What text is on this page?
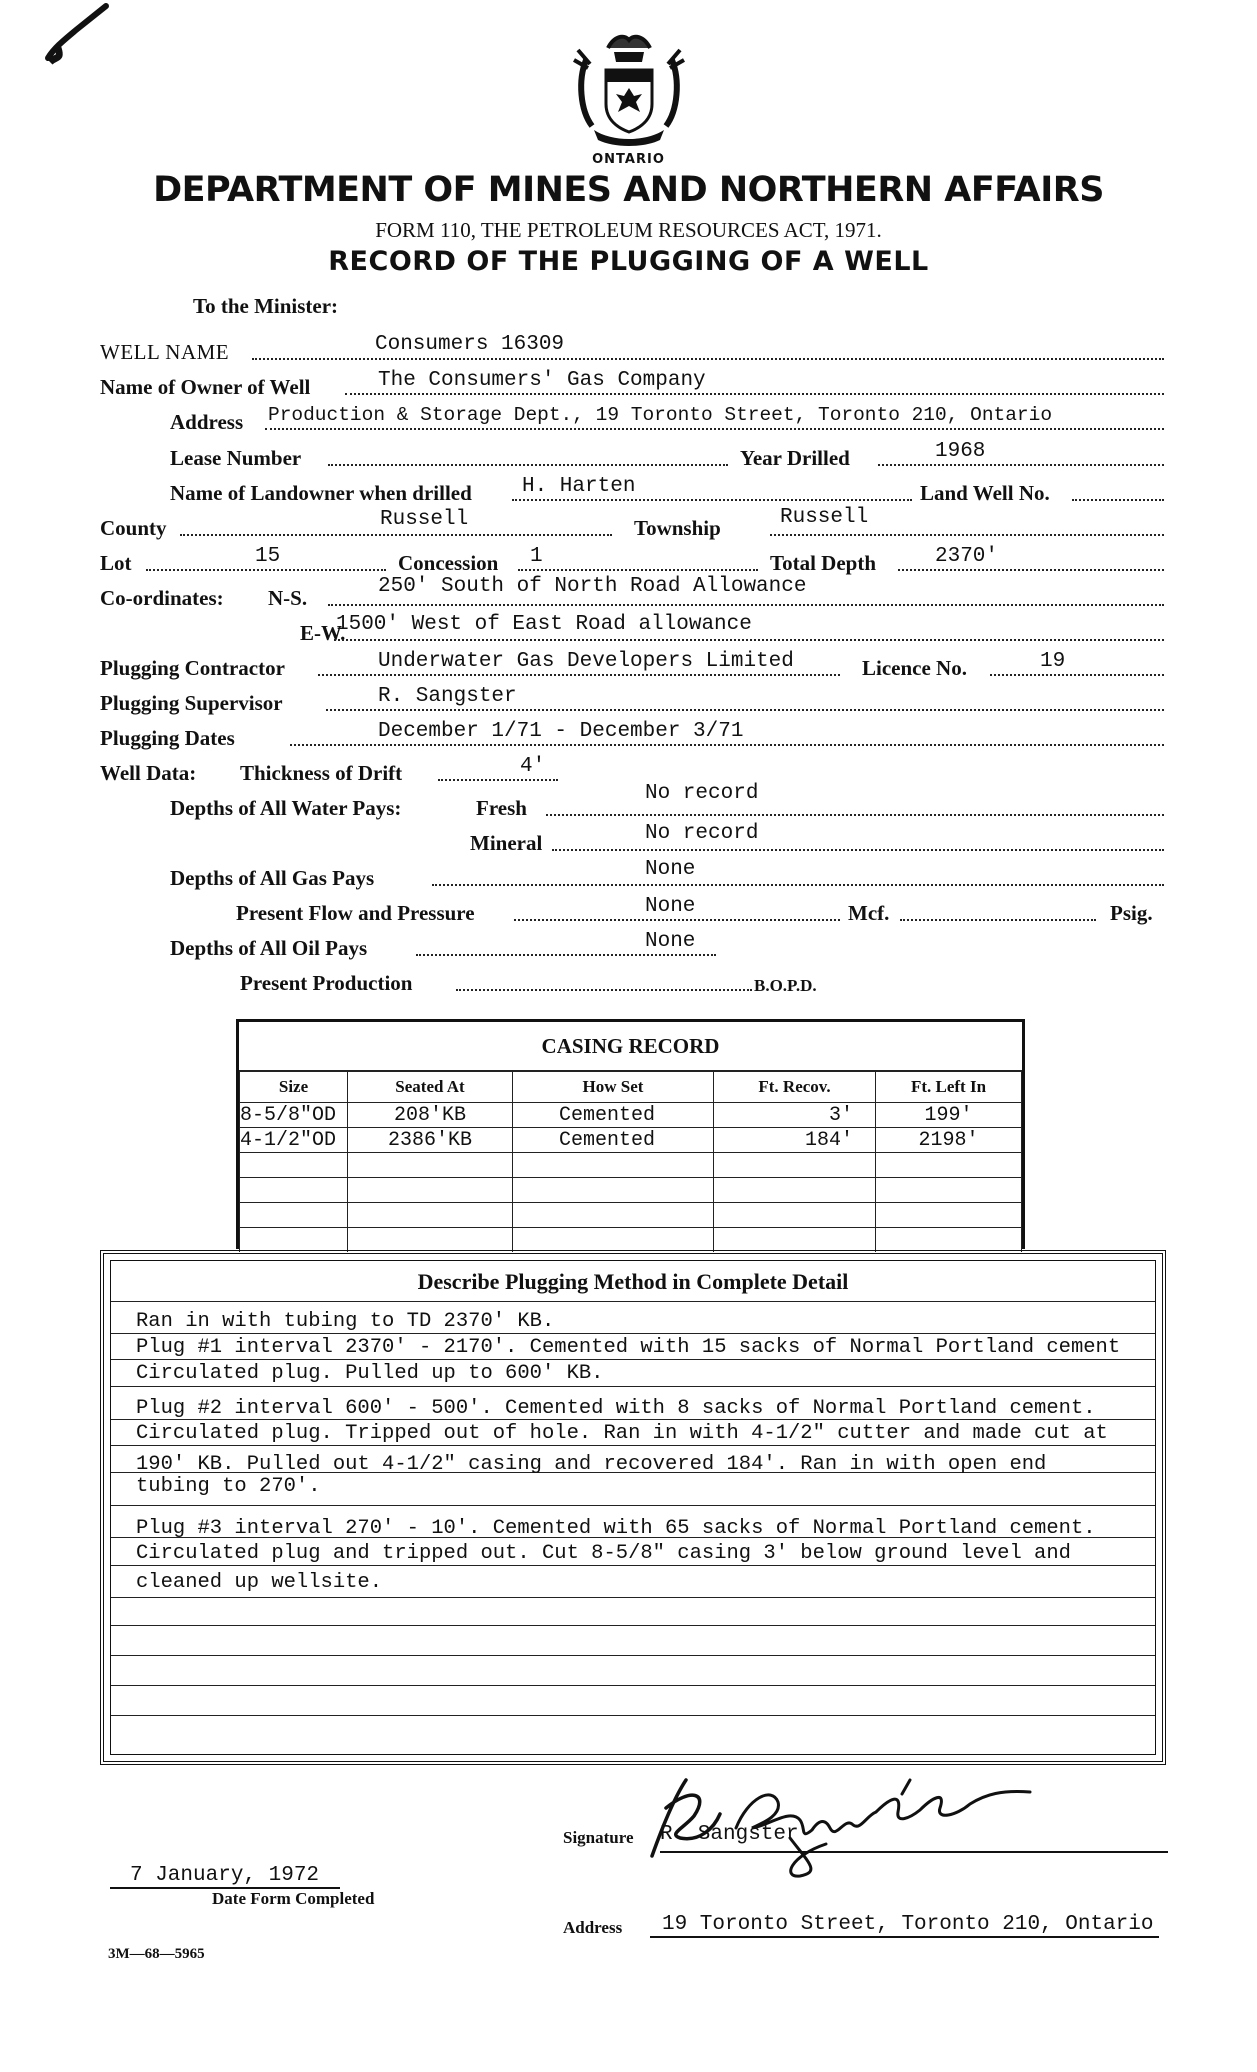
ONTARIO
DEPARTMENT OF MINES AND NORTHERN AFFAIRS
FORM 110, THE PETROLEUM RESOURCES ACT, 1971.
RECORD OF THE PLUGGING OF A WELL
To the Minister:
WELL NAME	Consumers 16309
Name of Owner of Well	The Consumers' Gas Company
Address Production & Storage Dept., 19 Toronto Street, Toronto 210, Ontario
Lease Number	Year Drilled	1968
Name of Landowner when drilled H. Harten	Land Well No.
County	Russell	Township	Russell
Lot	15	Concession 1	Total Depth	2370'
Co-ordinates: N-S.	250' South of North Road Allowance
E-W.
1500' West of East Road allowance
Plugging Contractor	Underwater Gas Developers Limited	Licence No.	19
Plugging Supervisor	R. Sangster
Plugging Dates	December 1/71 - December 3/71
Well Data: Thickness of Drift	4'
Depths of All Water Pays:	Fresh
No record
Mineral	No record
Depths of All Gas Pays	None
Present Flow and Pressure	None	Mcf.	Psig.
Depths of All Oil Pays	None
Present Production	B.O.P.D.
CASING RECORD
Size	Seated At	How Set	Ft. Recov.	Ft. Left In
8-5/8"OD	208'KB	Cemented	3'	199'
4-1/2"OD	2386'KB	Cemented	184'	2198'

Describe Plugging Method in Complete Detail
Ran in with tubing to TD 2370' KB.
Plug #1 interval 2370' - 2170'. Cemented with 15 sacks of Normal Portland cement
Circulated plug. Pulled up to 600' KB.
Plug #2 interval 600' - 500'. Cemented with 8 sacks of Normal Portland cement.
Circulated plug. Tripped out of hole. Ran in with 4-1/2" cutter and made cut at
190' KB. Pulled out 4-1/2" casing and recovered 184'. Ran in with open end
tubing to 270'.
Plug #3 interval 270' - 10'. Cemented with 65 sacks of Normal Portland cement.
Circulated plug and tripped out. Cut 8-5/8" casing 3' below ground level and
cleaned up wellsite.
Signature R. Sangster
7 January, 1972
Date Form Completed
Address	19 Toronto Street, Toronto 210, Ontario
3M—68—5965
